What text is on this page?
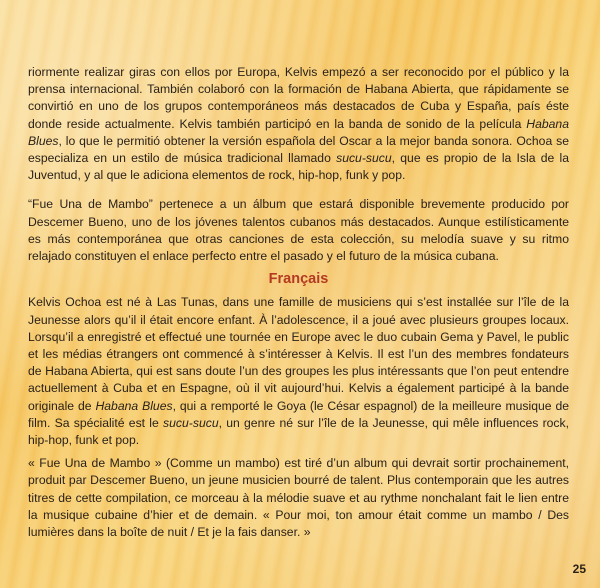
riormente realizar giras con ellos por Europa, Kelvis empezó a ser reconocido por el público y la prensa internacional. También colaboró con la formación de Habana Abierta, que rápidamente se convirtió en uno de los grupos contemporáneos más destacados de Cuba y España, país éste donde reside actualmente. Kelvis también participó en la banda de sonido de la película Habana Blues, lo que le permitió obtener la versión española del Oscar a la mejor banda sonora. Ochoa se especializa en un estilo de música tradicional llamado sucu-sucu, que es propio de la Isla de la Juventud, y al que le adiciona elementos de rock, hip-hop, funk y pop.

“Fue Una de Mambo” pertenece a un álbum que estará disponible brevemente producido por Descemer Bueno, uno de los jóvenes talentos cubanos más destacados. Aunque estilísticamente es más contemporánea que otras canciones de esta colección, su melodía suave y su ritmo relajado constituyen el enlace perfecto entre el pasado y el futuro de la música cubana.

Français

Kelvis Ochoa est né à Las Tunas, dans une famille de musiciens qui s’est installée sur l’île de la Jeunesse alors qu’il il était encore enfant. À l’adolescence, il a joué avec plusieurs groupes locaux. Lorsqu’il a enregistré et effectué une tournée en Europe avec le duo cubain Gema y Pavel, le public et les médias étrangers ont commencé à s’intéresser à Kelvis. Il est l’un des membres fondateurs de Habana Abierta, qui est sans doute l’un des groupes les plus intéressants que l’on peut entendre actuellement à Cuba et en Espagne, où il vit aujourd’hui. Kelvis a également participé à la bande originale de Habana Blues, qui a remporté le Goya (le César espagnol) de la meilleure musique de film. Sa spécialité est le sucu-sucu, un genre né sur l’île de la Jeunesse, qui mêle influences rock, hip-hop, funk et pop.

« Fue Una de Mambo » (Comme un mambo) est tiré d’un album qui devrait sortir prochainement, produit par Descemer Bueno, un jeune musicien bourré de talent. Plus contemporain que les autres titres de cette compilation, ce morceau à la mélodie suave et au rythme nonchalant fait le lien entre la musique cubaine d’hier et de demain. « Pour moi, ton amour était comme un mambo / Des lumières dans la boîte de nuit / Et je la fais danser. »

25
